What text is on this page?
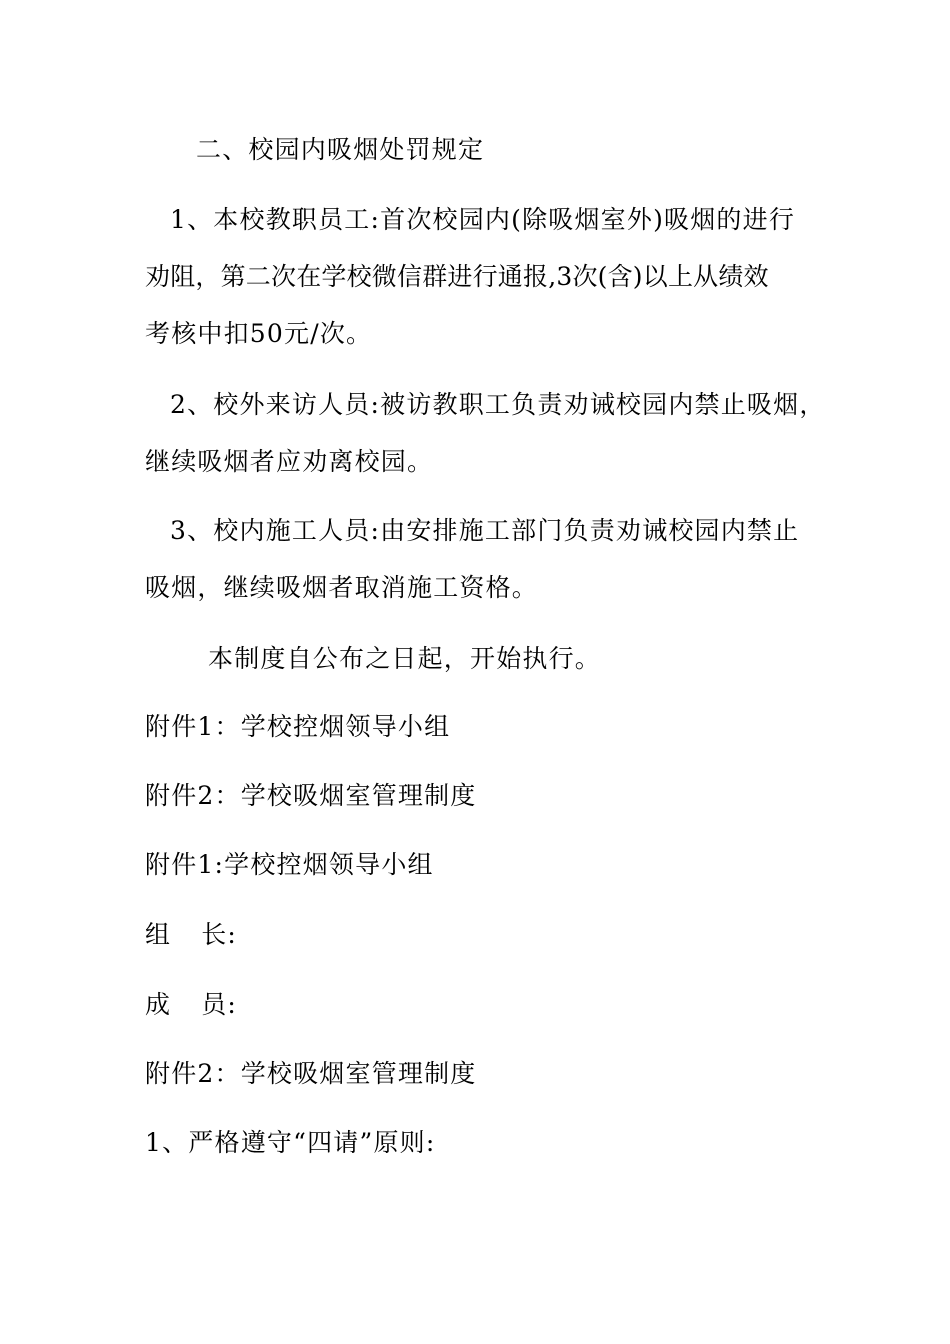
二、校园内吸烟处罚规定
1、本校教职员工:首次校园内(除吸烟室外)吸烟的进行
劝阻，第二次在学校微信群进行通报,3次(含)以上从绩效
考核中扣50元/次。
2、校外来访人员:被访教职工负责劝诫校园内禁止吸烟，
继续吸烟者应劝离校园。
3、校内施工人员:由安排施工部门负责劝诫校园内禁止
吸烟，继续吸烟者取消施工资格。
本制度自公布之日起，开始执行。
附件1：学校控烟领导小组
附件2：学校吸烟室管理制度
附件1:学校控烟领导小组
组 长:
成 员:
附件2：学校吸烟室管理制度
1、严格遵守“四请”原则:
